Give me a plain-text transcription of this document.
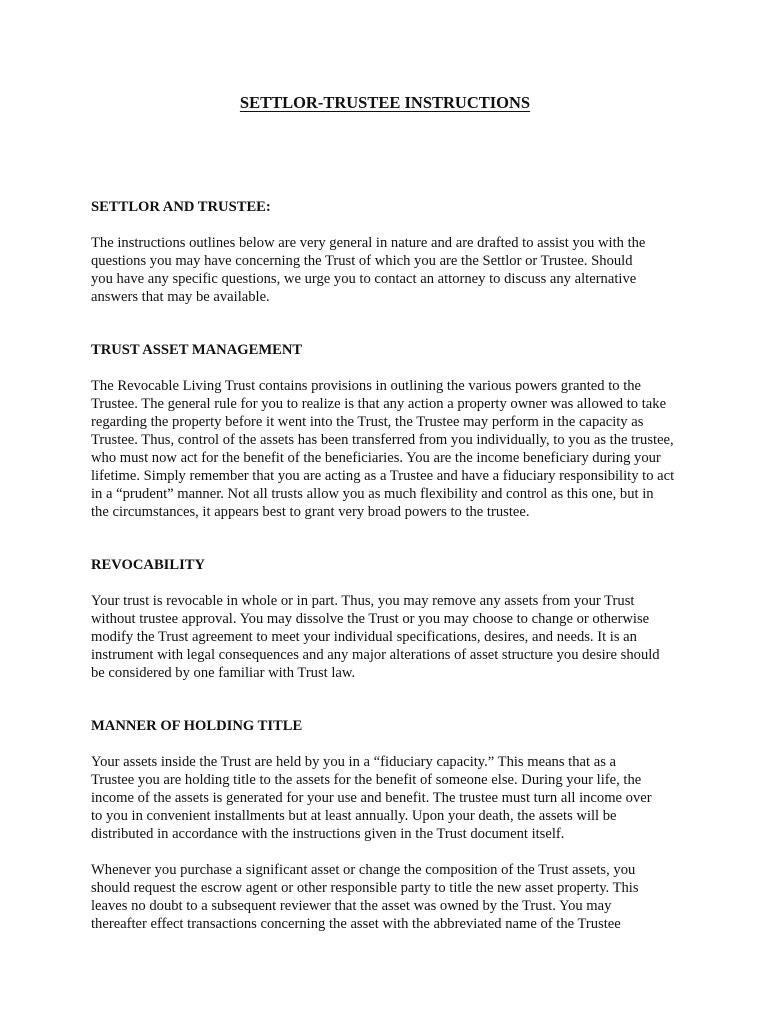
SETTLOR-TRUSTEE INSTRUCTIONS
SETTLOR AND TRUSTEE:
The instructions outlines below are very general in nature and are drafted to assist you with the
questions you may have concerning the Trust of which you are the Settlor or Trustee. Should
you have any specific questions, we urge you to contact an attorney to discuss any alternative
answers that may be available.
TRUST ASSET MANAGEMENT
The Revocable Living Trust contains provisions in outlining the various powers granted to the
Trustee. The general rule for you to realize is that any action a property owner was allowed to take
regarding the property before it went into the Trust, the Trustee may perform in the capacity as
Trustee. Thus, control of the assets has been transferred from you individually, to you as the trustee,
who must now act for the benefit of the beneficiaries. You are the income beneficiary during your
lifetime. Simply remember that you are acting as a Trustee and have a fiduciary responsibility to act
in a “prudent” manner. Not all trusts allow you as much flexibility and control as this one, but in
the circumstances, it appears best to grant very broad powers to the trustee.
REVOCABILITY
Your trust is revocable in whole or in part. Thus, you may remove any assets from your Trust
without trustee approval. You may dissolve the Trust or you may choose to change or otherwise
modify the Trust agreement to meet your individual specifications, desires, and needs. It is an
instrument with legal consequences and any major alterations of asset structure you desire should
be considered by one familiar with Trust law.
MANNER OF HOLDING TITLE
Your assets inside the Trust are held by you in a “fiduciary capacity.” This means that as a
Trustee you are holding title to the assets for the benefit of someone else. During your life, the
income of the assets is generated for your use and benefit. The trustee must turn all income over
to you in convenient installments but at least annually. Upon your death, the assets will be
distributed in accordance with the instructions given in the Trust document itself.
Whenever you purchase a significant asset or change the composition of the Trust assets, you
should request the escrow agent or other responsible party to title the new asset property. This
leaves no doubt to a subsequent reviewer that the asset was owned by the Trust. You may
thereafter effect transactions concerning the asset with the abbreviated name of the Trustee
